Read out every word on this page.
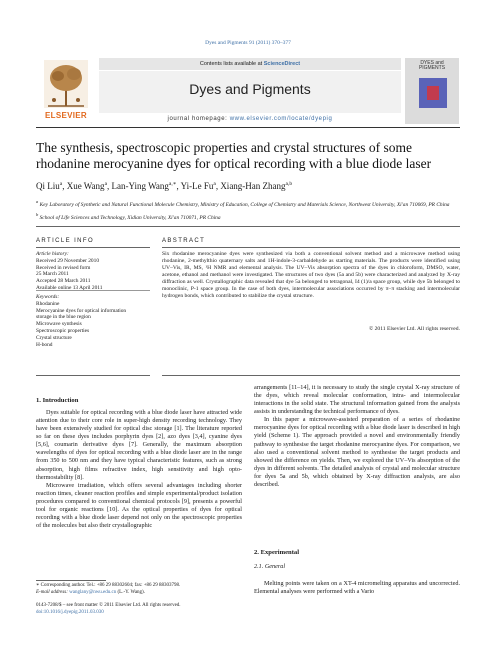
Dyes and Pigments 91 (2011) 370–377
ELSEVIER
Contents lists available at ScienceDirect
Dyes and Pigments
journal homepage: www.elsevier.com/locate/dyepig
DYES and PIGMENTS
The synthesis, spectroscopic properties and crystal structures of some rhodanine merocyanine dyes for optical recording with a blue diode laser
Qi Liu$^a$, Xue Wang$^a$, Lan-Ying Wang$^{a,∗}$, Yi-Le Fu$^a$, Xiang-Han Zhang$^{a,b}$
$^a$ Key Laboratory of Synthetic and Natural Functional Molecule Chemistry, Ministry of Education, College of Chemistry and Materials Science, Northwest University, Xi'an 710069, PR China
$^b$ School of Life Sciences and Technology, Xidian University, Xi'an 710071, PR China
ARTICLE INFO	ABSTRACT
Article history:
Received 29 November 2010
Received in revised form
25 March 2011
Accepted 28 March 2011
Available online 13 April 2011
Keywords:
Rhodanine
Merocyanine dyes for optical information
storage in the blue region
Microwave synthesis
Spectroscopic properties
Crystal structure
H-bond
Six rhodanine merocyanine dyes were synthesized via both a conventional solvent method and a microwave method using rhodanine, 2-methylthio quaternary salts and 1H-indole-3-carbaldehyde as starting materials. The products were identified using UV–Vis, IR, MS, ¹H NMR and elemental analysis. The UV–Vis absorption spectra of the dyes in chloroform, DMSO, water, acetone, ethanol and methanol were investigated. The structures of two dyes (5a and 5b) were characterized and analyzed by X-ray diffraction as well. Crystallographic data revealed that dye 5a belonged to tetragonal, I4 (1)/a space group, while dye 5b belonged to monoclinic, P-1 space group. In the case of both dyes, intermolecular associations occurred by π–π stacking and intermolecular hydrogen bonds, which contributed to stabilize the crystal structure.
© 2011 Elsevier Ltd. All rights reserved.
1. Introduction
Dyes suitable for optical recording with a blue diode laser have attracted wide attention due to their core role in super-high density recording technology. They have been extensively studied for optical disc storage [1]. The literature reported so far on these dyes includes porphyrin dyes [2], azo dyes [3,4], cyanine dyes [5,6], coumarin derivative dyes [7]. Generally, the maximum absorption wavelengths of dyes for optical recording with a blue diode laser are in the range from 350 to 500 nm and they have typical characteristic features, such as strong absorption, high films refractive index, high sensitivity and high opto-thermostability [8].
Microwave irradiation, which offers several advantages including shorter reaction times, cleaner reaction profiles and simple experimental/product isolation procedures compared to conventional chemical protocols [9], presents a powerful tool for organic reactions [10]. As the optical properties of dyes for optical recording with a blue diode laser depend not only on the spectroscopic properties of the molecules but also their crystallographic
arrangements [11–14], it is necessary to study the single crystal X-ray structure of the dyes, which reveal molecular conformation, intra- and intermolecular interactions in the solid state. The structural information gained from the analysis assists in understanding the technical performance of dyes.
In this paper a microwave-assisted preparation of a series of rhodanine merocyanine dyes for optical recording with a blue diode laser is described in high yield (Scheme 1). The approach provided a novel and environmentally friendly pathway to synthesise the target rhodanine merocyanine dyes. For comparison, we also used a conventional solvent method to synthesise the target products and showed the difference on yields. Then, we explored the UV–Vis absorption of the dyes in different solvents. The detailed analysis of crystal and molecular structure for dyes 5a and 5b, which obtained by X-ray diffraction analysis, are also described.
2. Experimental
2.1. General
Melting points were taken on a XT-4 micromelting apparatus and uncorrected. Elemental analyses were performed with a Vario
∗ Corresponding author. Tel.: +86 29 88302604; fax: +86 29 88303798.
E-mail address: wanglany@nwu.edu.cn (L.-Y. Wang).
0143-7208/$ – see front matter © 2011 Elsevier Ltd. All rights reserved.
doi:10.1016/j.dyepig.2011.03.030
